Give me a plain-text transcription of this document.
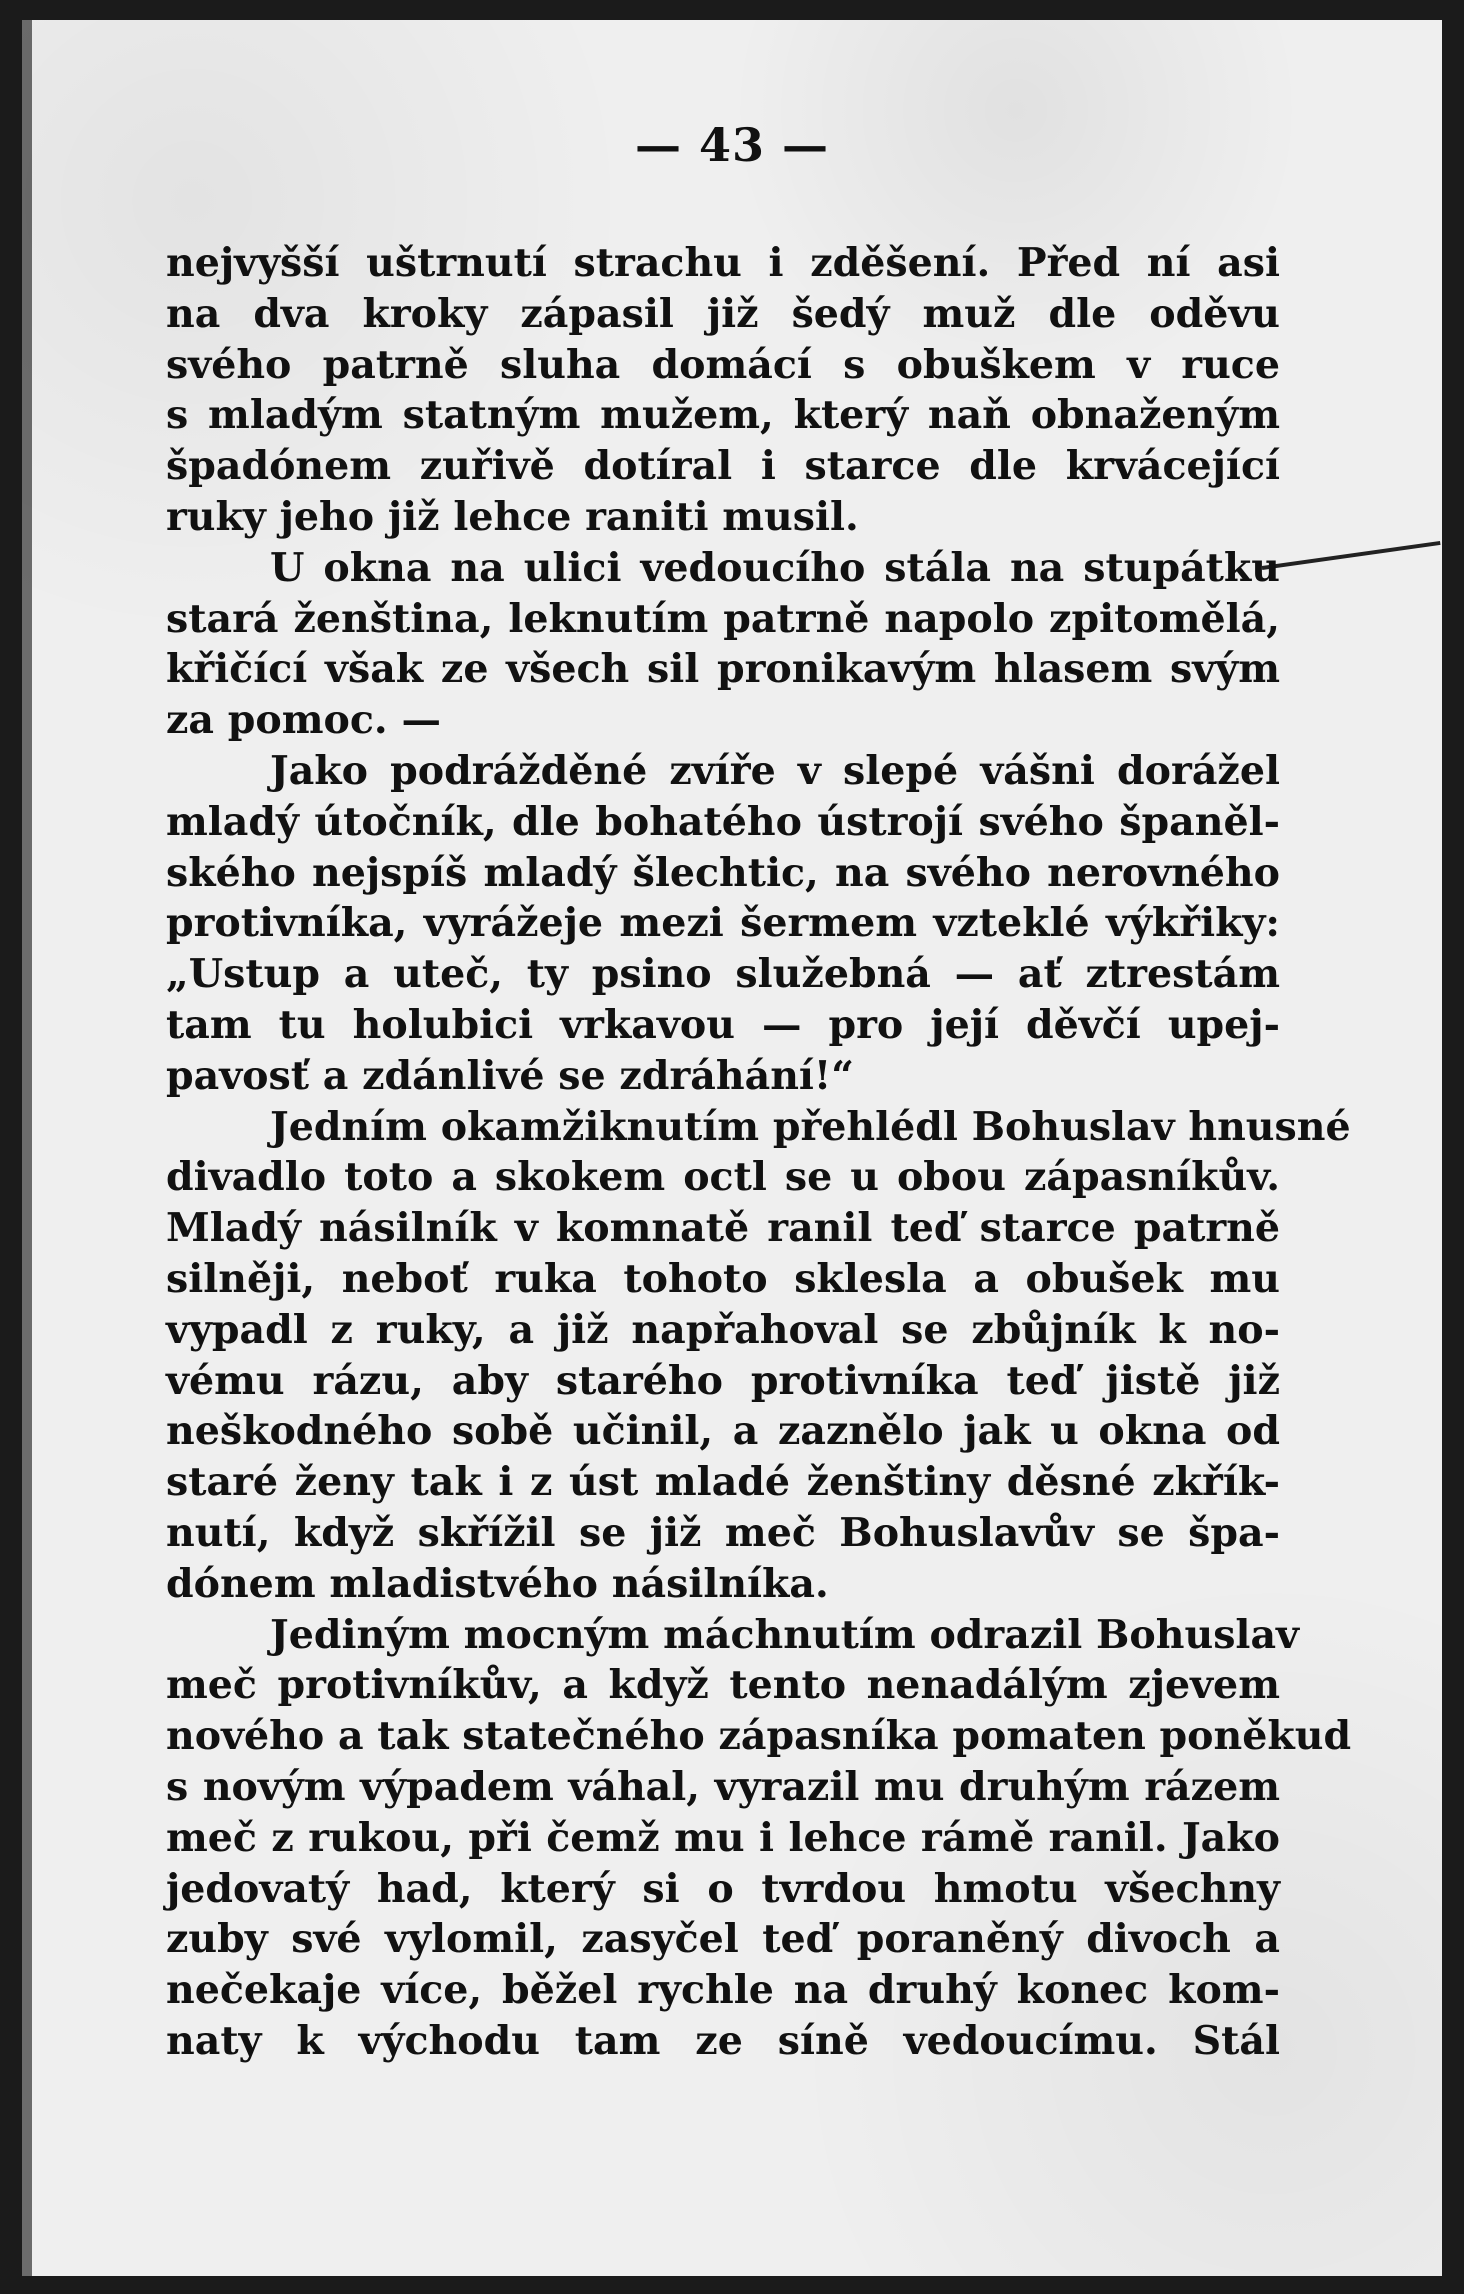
— 43 —
nejvyšší uštrnutí strachu i zděšení. Před ní asi
na dva kroky zápasil již šedý muž dle oděvu
svého patrně sluha domácí s obuškem v ruce
s mladým statným mužem, který naň obnaženým
špadónem zuřivě dotíral i starce dle krvácející
ruky jeho již lehce raniti musil.
U okna na ulici vedoucího stála na stupátku
stará ženština, leknutím patrně napolo zpitomělá,
křičící však ze všech sil pronikavým hlasem svým
za pomoc. —
Jako podrážděné zvíře v slepé vášni dorážel
mladý útočník, dle bohatého ústrojí svého španěl-
ského nejspíš mladý šlechtic, na svého nerovného
protivníka, vyrážeje mezi šermem vzteklé výkřiky:
„Ustup a uteč, ty psino služebná — ať ztrestám
tam tu holubici vrkavou — pro její děvčí upej-
pavosť a zdánlivé se zdráhání!“
Jedním okamžiknutím přehlédl Bohuslav hnusné
divadlo toto a skokem octl se u obou zápasníkův.
Mladý násilník v komnatě ranil teď starce patrně
silněji, neboť ruka tohoto sklesla a obušek mu
vypadl z ruky, a již napřahoval se zbůjník k no-
vému rázu, aby starého protivníka teď jistě již
neškodného sobě učinil, a zaznělo jak u okna od
staré ženy tak i z úst mladé ženštiny děsné zkřík-
nutí, když skřížil se již meč Bohuslavův se špa-
dónem mladistvého násilníka.
Jediným mocným máchnutím odrazil Bohuslav
meč protivníkův, a když tento nenadálým zjevem
nového a tak statečného zápasníka pomaten poněkud
s novým výpadem váhal, vyrazil mu druhým rázem
meč z rukou, při čemž mu i lehce rámě ranil. Jako
jedovatý had, který si o tvrdou hmotu všechny
zuby své vylomil, zasyčel teď poraněný divoch a
nečekaje více, běžel rychle na druhý konec kom-
naty k východu tam ze síně vedoucímu. Stál
